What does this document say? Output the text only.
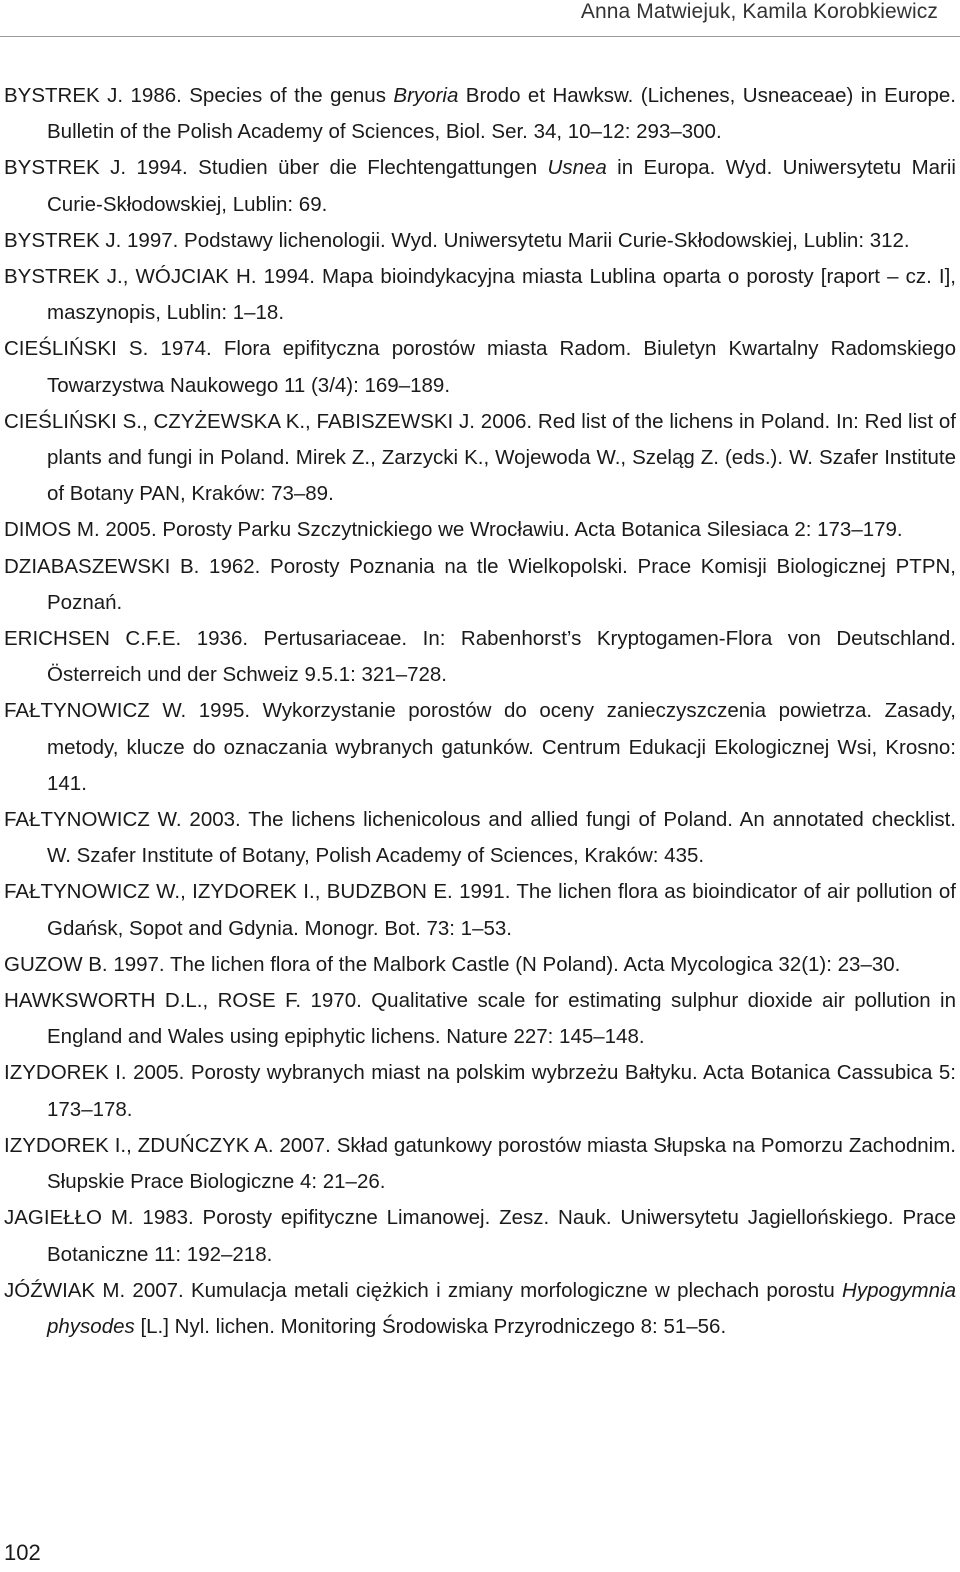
Anna Matwiejuk, Kamila Korobkiewicz
BYSTREK J. 1986. Species of the genus Bryoria Brodo et Hawksw. (Lichenes, Usneaceae) in Europe. Bulletin of the Polish Academy of Sciences, Biol. Ser. 34, 10–12: 293–300.
BYSTREK J. 1994. Studien über die Flechtengattungen Usnea in Europa. Wyd. Uniwersytetu Marii Curie-Skłodowskiej, Lublin: 69.
BYSTREK J. 1997. Podstawy lichenologii. Wyd. Uniwersytetu Marii Curie-Skłodowskiej, Lublin: 312.
BYSTREK J., WÓJCIAK H. 1994. Mapa bioindykacyjna miasta Lublina oparta o porosty [raport – cz. I], maszynopis, Lublin: 1–18.
CIEŚLIŃSKI S. 1974. Flora epifityczna porostów miasta Radom. Biuletyn Kwartalny Radomskiego Towarzystwa Naukowego 11 (3/4): 169–189.
CIEŚLIŃSKI S., CZYŻEWSKA K., FABISZEWSKI J. 2006. Red list of the lichens in Poland. In: Red list of plants and fungi in Poland. Mirek Z., Zarzycki K., Wojewoda W., Szeląg Z. (eds.). W. Szafer Institute of Botany PAN, Kraków: 73–89.
DIMOS M. 2005. Porosty Parku Szczytnickiego we Wrocławiu. Acta Botanica Silesiaca 2: 173–179.
DZIABASZEWSKI B. 1962. Porosty Poznania na tle Wielkopolski. Prace Komisji Biologicznej PTPN, Poznań.
ERICHSEN C.F.E. 1936. Pertusariaceae. In: Rabenhorst’s Kryptogamen-Flora von Deutschland. Österreich und der Schweiz 9.5.1: 321–728.
FAŁTYNOWICZ W. 1995. Wykorzystanie porostów do oceny zanieczyszczenia powietrza. Zasady, metody, klucze do oznaczania wybranych gatunków. Centrum Edukacji Ekologicznej Wsi, Krosno: 141.
FAŁTYNOWICZ W. 2003. The lichens lichenicolous and allied fungi of Poland. An annotated checklist. W. Szafer Institute of Botany, Polish Academy of Sciences, Kraków: 435.
FAŁTYNOWICZ W., IZYDOREK I., BUDZBON E. 1991. The lichen flora as bioindicator of air pollution of Gdańsk, Sopot and Gdynia. Monogr. Bot. 73: 1–53.
GUZOW B. 1997. The lichen flora of the Malbork Castle (N Poland). Acta Mycologica 32(1): 23–30.
HAWKSWORTH D.L., ROSE F. 1970. Qualitative scale for estimating sulphur dioxide air pollution in England and Wales using epiphytic lichens. Nature 227: 145–148.
IZYDOREK I. 2005. Porosty wybranych miast na polskim wybrzeżu Bałtyku. Acta Botanica Cassubica 5: 173–178.
IZYDOREK I., ZDUŃCZYK A. 2007. Skład gatunkowy porostów miasta Słupska na Pomorzu Zachodnim. Słupskie Prace Biologiczne 4: 21–26.
JAGIEŁŁO M. 1983. Porosty epifityczne Limanowej. Zesz. Nauk. Uniwersytetu Jagiellońskiego. Prace Botaniczne 11: 192–218.
JÓŹWIAK M. 2007. Kumulacja metali ciężkich i zmiany morfologiczne w plechach porostu Hypogymnia physodes [L.] Nyl. lichen. Monitoring Środowiska Przyrodniczego 8: 51–56.
102
